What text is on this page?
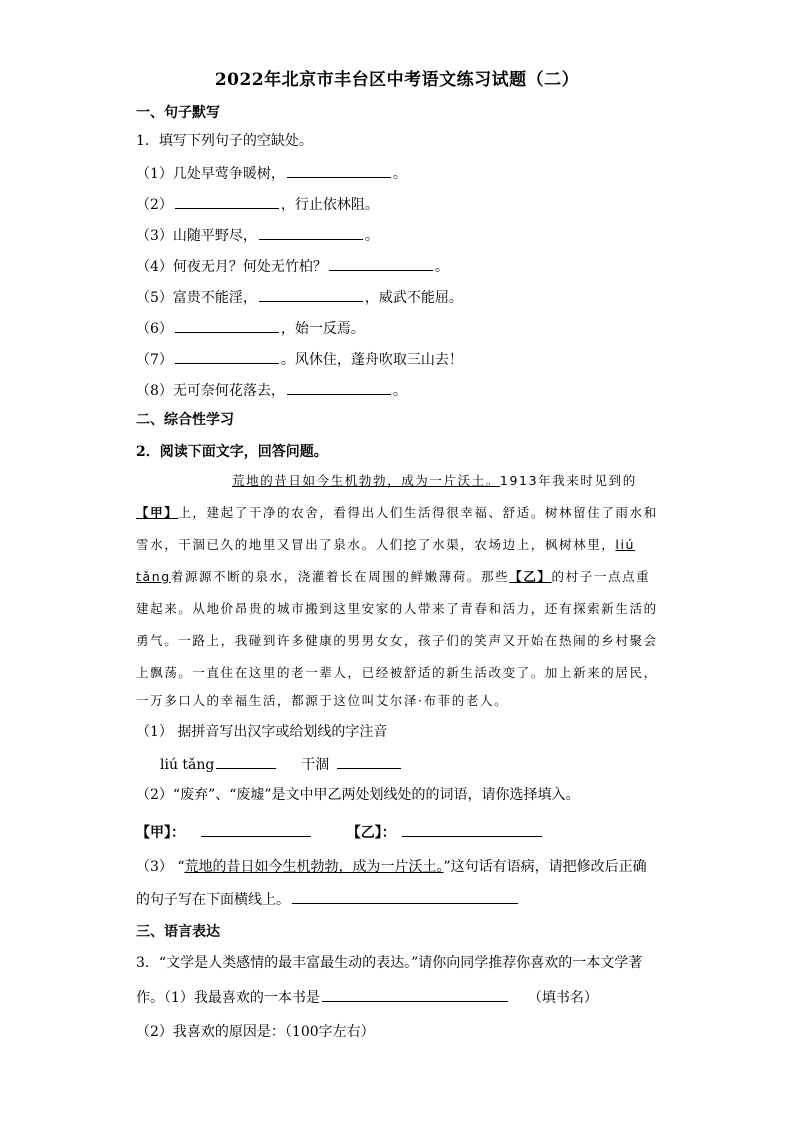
2022年北京市丰台区中考语文练习试题（二）
一、句子默写
1．填写下列句子的空缺处。
（1）几处早莺争暖树，	。
（2）	，行止依林阻。
（3）山随平野尽，	。
（4）何夜无月？何处无竹柏？	。
（5）富贵不能淫，	，威武不能屈。
（6）	，始一反焉。
（7）	。风休住，蓬舟吹取三山去！
（8）无可奈何花落去，	。
二、综合性学习
2．阅读下面文字，回答问题。
荒地的昔日如今生机勃勃，成为一片沃土。1913年我来时见到的
【甲】上，建起了干净的农舍，看得出人们生活得很幸福、舒适。树林留住了雨水和
雪水，干涸已久的地里又冒出了泉水。人们挖了水渠，农场边上，枫树林里，liú
tǎng着源源不断的泉水，浇灌着长在周围的鲜嫩薄荷。那些【乙】的村子一点点重
建起来。从地价昂贵的城市搬到这里安家的人带来了青春和活力，还有探索新生活的
勇气。一路上，我碰到许多健康的男男女女，孩子们的笑声又开始在热闹的乡村聚会
上飘荡。一直住在这里的老一辈人，已经被舒适的新生活改变了。加上新来的居民，
一万多口人的幸福生活，都源于这位叫艾尔泽·布菲的老人。
（1） 据拼音写出汉字或给划线的字注音
liú tǎng	干涸
（2）“废弃”、“废墟”是文中甲乙两处划线处的的词语，请你选择填入。
【甲】：	【乙】：
（3） “荒地的昔日如今生机勃勃，成为一片沃土。”这句话有语病，请把修改后正确
的句子写在下面横线上。
三、语言表达
3．“文学是人类感情的最丰富最生动的表达。”请你向同学推荐你喜欢的一本文学著
作。（1）我最喜欢的一本书是	（填书名）
（2）我喜欢的原因是：（100字左右）
